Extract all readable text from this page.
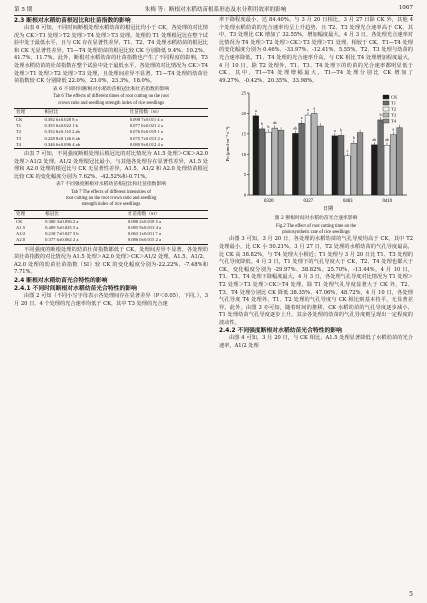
第 5 期	朱梅 等：断根对水稻幼苗根系形态及水分利用效率的影响	1067
2.3 断根对水稻幼苗根冠比和壮苗指数的影响

由表 6 可知，不同时间断根处理水稻幼苗的根冠比均小于 CK，各处理的对比情况为 CK＞T1 处理＞T2 处理＞T4 处理＞T3 处理。处理的 T1 处理根冠比在整个试验中处于最低水平，且与 CK 存在显著性差异，T1、T2、T4 处理水稻幼苗的根冠比和 CK 无显著性差异。T1—T4 处理幼苗的根冠比较 CK 分别降低 9.4%、10.2%、41.7%、11.7%。此外，断根对水稻幼苗的壮苗指数也产生了不同程度的影响，T3 处理水稻幼苗的壮苗指数在整个试验中处于最低水平，各处理的对比情况为 CK＞T4 处理＞T1 处理＞T2 处理＞T3 处理，且处理间差异不显著。T1—T4 处理的幼苗壮苗指数较 CK 分别降低 22.0%、23.0%、23.3%、18.0%。

表 6 不同时间断根对水稻幼苗根冠比和壮苗指数的影响
Tab 6 The effects of different times of root cutting on the root
crown ratio and seedling strength index of rice seedlings
处理	根冠比	壮苗指数（SI）
CK	0.392 6±0.028 8 a	0.098 7±0.011 4 a
T1	0.355 6±0.022 1 b	0.077 0±0.021 2 a
T2	0.352 6±0.110 2 ab	0.076 0±0.019 1 a
T3	0.228 8±0.126 6 ab	0.075 7±0.013 2 a
T4	0.346 6±0.096 4 ab	0.080 9±0.012 4 a

由表 7 可知，不同强度断根处理后根冠比的对比情况为 A1.5 处理＞CK＞A2.0 处理＞A1/2 处理。A1/2 处理根冠比最小，与其他各处理存在显著性差异，A1.5 处理和 A2.0 处理的根冠比与 CK 无显著性差异。A1.5、A1/2 和 A2.0 处理幼苗根冠比较 CK 的变化幅度分别为 7.62%、-42.52%和-0.71%。

表7 不同强度断根对水稻幼苗根冠比和壮苗指数影响
Tab 7 The effects of different intensities of
root cutting on the root crown ratio and seedling
strength index of rice seedlings
处理	根冠比	壮苗指数（SI）
CK	0.380 3±0.056 2 a	0.088 2±0.018 5 a
A1.5	0.409 5±0.025 5 a	0.085 9±0.013 4 a
A1/2	0.218 7±0.027 3 b	0.063 1±0.011 7 a
A2.0	0.377 6±0.062 2 a	0.086 0±0.015 2 a

不同强度的断根处理的幼苗壮苗指数都低于 CK，处理间差异不显著。各处理幼苗壮苗指数的对比情况为 A1.5 处理＞A2.0 处理＞CK＞A1/2 处理。A1.5、A1/2、A2.0 处理的幼苗壮苗指数（SI）较 CK 的变化幅度分别为-22.22%、-7.48%和 7.71%。

2.4 断根对水稻幼苗光合特性的影响
2.4.1 不同时间断根对水稻幼苗光合特性的影响

由图 2 可知（不同小写字母表示各处理间存在显著差异（P＜0.05），下同。），3 月 20 日，4 个处理的光合速率均低于 CK，其中 T3 处理的光合速

率下降程度最小，达 84.40%。与 3 月 20 日相比，3 月 27 日除 CK 外，其他 4 个处理水稻幼苗的光合速率均呈上升趋势，且 T2、T3 处理光合速率高于 CK，其中，T3 处理比 CK 增加了 32.55%，增加幅度最大。4 月 3 日，各处理光合速率对比情况为 T4 处理＞T2 处理＞CK＞T3 处理＞T1 处理。相较于 CK，T1—T4 处理的变化幅度分别为 0.46%、-33.97%、-12.41%、5.55%。T2、T3 处理与幼苗的光合速率降低，T1、T4 处理的光合速率升高，与 CK 相比 T4 处理增加程度最大。4 月 10 日，除 T2 处理外，T1、T3、T4 处理下的幼苗的光合速率都明显低于 CK，其中，T1—T4 处理增幅最大，T1—T4 处理分别比 CK 增加了 49.27%、-0.42%、20.35%、33.98%。

0
5
10
15
20
25
Pn (μmol·m⁻²·s⁻¹)
a
b
b
ab
0320
ab
a
a a
0327
a b
c
b
0403
ab
b
ab
a
0410
日期
CK
T1
T2
T3
T4
图 2 断根时间对水稻幼苗光合速率影响
Fig.2 The effect of root cutting time on the
photosynthetic rate of rice seedlings

由图 3 可知，3 月 20 日，各处理的水稻幼苗的气孔导度均高于 CK，其中 T2 处理最小，比 CK 小 50.21%。3 月 27 日，T2 处理的水稻幼苗的气孔导度最高，比 CK 高 38.82%，与 T4 处理大小相近；T1 处理与 3 月 20 日比 T1、T3 处理的气孔导度降低。4 月 3 日，T1 处理下的气孔导度大于 CK，T2、T4 处理也都大于 CK，变化幅度分别为 -29.97%、38.82%、25.70%、-13.44%。4 月 10 日，T1、T3、T4 处理下降幅度最大，4 月 3 日，各处理气孔导度对比情况为 T1 处理＞T2 处理＞T3 处理＞CK＞T4 处理，除 T1 处理气孔导度显著大于 CK 外，T2、T3、T4 处理分别比 CK 降低 38.35%、47.06%、48.72%，4 月 10 日，各处理气孔导度 T4 处理外，T1、T2 处理的气孔导度与 CK 相比则基本持平，无显著差异。此外，由图 3 亦可知，随着时间的推移，CK 水稻幼苗的气孔导度逐步减小，T1 处理幼苗气孔导度逐步上升，其余各处理的幼苗的气孔导度则呈现出一定程度的波动性。

2.4.2 不同强度断根对水稻幼苗光合特性的影响

由图 4 可知，3 月 20 日，与 CK 相比，A1.5 处理显著降低了水稻幼苗的光合速率，A1/2 处理

5
